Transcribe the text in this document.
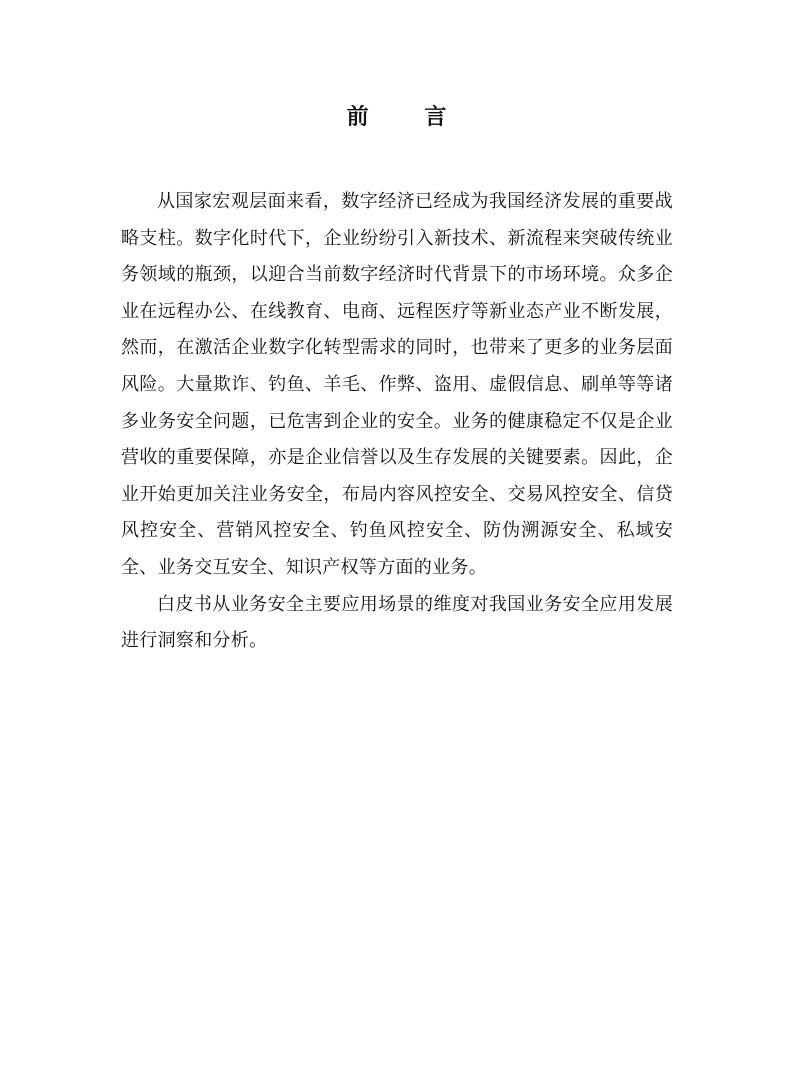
前 言

从国家宏观层面来看，数字经济已经成为我国经济发展的重要战略支柱。数字化时代下，企业纷纷引入新技术、新流程来突破传统业务领域的瓶颈，以迎合当前数字经济时代背景下的市场环境。众多企业在远程办公、在线教育、电商、远程医疗等新业态产业不断发展，然而，在激活企业数字化转型需求的同时，也带来了更多的业务层面风险。大量欺诈、钓鱼、羊毛、作弊、盗用、虚假信息、刷单等等诸多业务安全问题，已危害到企业的安全。业务的健康稳定不仅是企业营收的重要保障，亦是企业信誉以及生存发展的关键要素。因此，企业开始更加关注业务安全，布局内容风控安全、交易风控安全、信贷风控安全、营销风控安全、钓鱼风控安全、防伪溯源安全、私域安全、业务交互安全、知识产权等方面的业务。

白皮书从业务安全主要应用场景的维度对我国业务安全应用发展进行洞察和分析。
